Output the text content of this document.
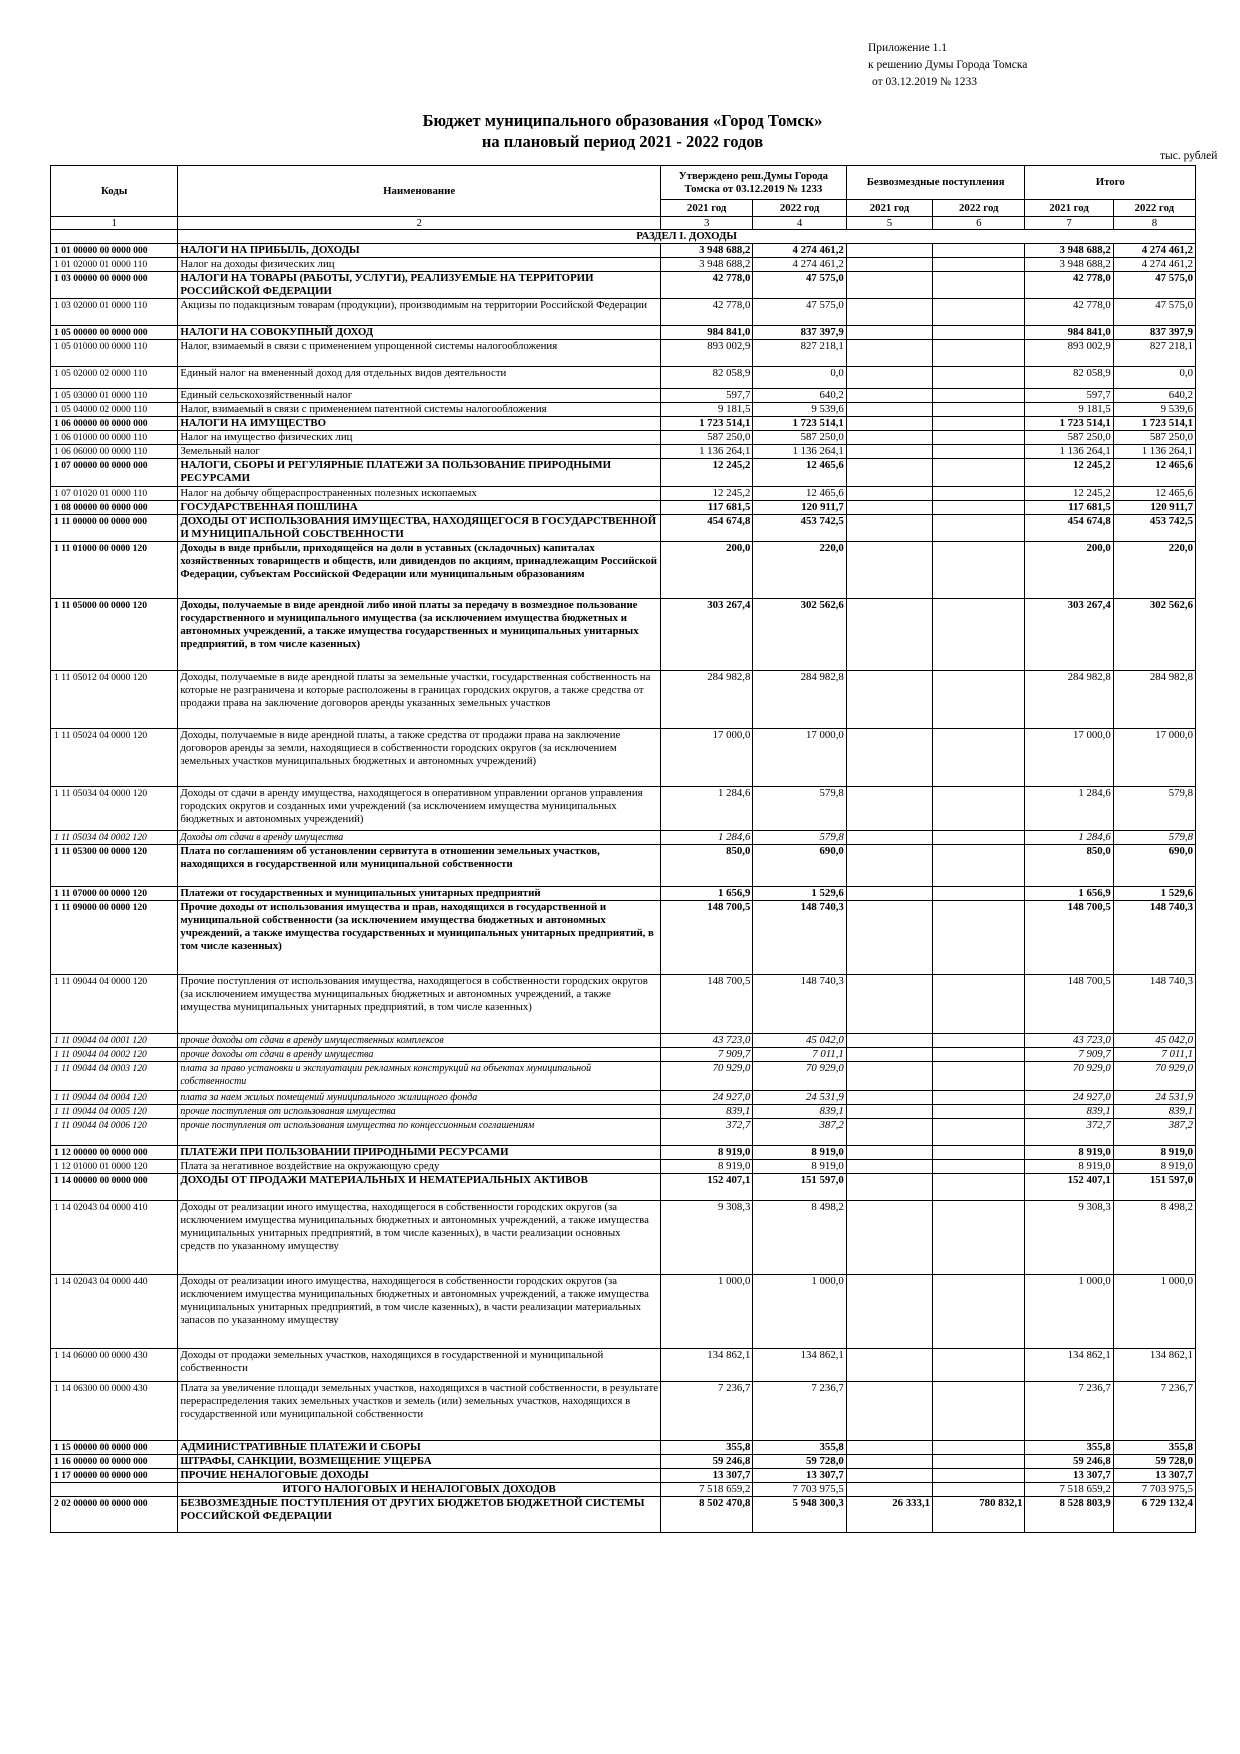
Приложение 1.1
к решению Думы Города Томска
от 03.12.2019 № 1233
Бюджет муниципального образования «Город Томск»
на плановый период 2021 - 2022 годов
тыс. рублей
Коды	Наименование	Утверждено реш.Думы Города Томска от 03.12.2019 № 1233		Безвозмездные поступления		Итого	
		2021 год	2022 год	2021 год	2022 год	2021 год	2022 год
1	2	3	4	5	6	7	8
	РАЗДЕЛ I. ДОХОДЫ						
1 01 00000 00 0000 000	НАЛОГИ НА ПРИБЫЛЬ, ДОХОДЫ	3 948 688,2	4 274 461,2			3 948 688,2	4 274 461,2
1 01 02000 01 0000 110	Налог на доходы физических лиц	3 948 688,2	4 274 461,2			3 948 688,2	4 274 461,2
1 03 00000 00 0000 000	НАЛОГИ НА ТОВАРЫ (РАБОТЫ, УСЛУГИ), РЕАЛИЗУЕМЫЕ НА ТЕРРИТОРИИ РОССИЙСКОЙ ФЕДЕРАЦИИ	42 778,0	47 575,0			42 778,0	47 575,0
1 03 02000 01 0000 110	Акцизы по подакцизным товарам (продукции), производимым на территории Российской Федерации	42 778,0	47 575,0			42 778,0	47 575,0
1 05 00000 00 0000 000	НАЛОГИ НА СОВОКУПНЫЙ ДОХОД	984 841,0	837 397,9			984 841,0	837 397,9
1 05 01000 00 0000 110	Налог, взимаемый в связи с применением упрощенной системы налогообложения	893 002,9	827 218,1			893 002,9	827 218,1
1 05 02000 02 0000 110	Единый налог на вмененный доход для отдельных видов деятельности	82 058,9	0,0			82 058,9	0,0
1 05 03000 01 0000 110	Единый сельскохозяйственный налог	597,7	640,2			597,7	640,2
1 05 04000 02 0000 110	Налог, взимаемый в связи с применением патентной системы налогообложения	9 181,5	9 539,6			9 181,5	9 539,6
1 06 00000 00 0000 000	НАЛОГИ НА ИМУЩЕСТВО	1 723 514,1	1 723 514,1			1 723 514,1	1 723 514,1
1 06 01000 00 0000 110	Налог на имущество физических лиц	587 250,0	587 250,0			587 250,0	587 250,0
1 06 06000 00 0000 110	Земельный налог	1 136 264,1	1 136 264,1			1 136 264,1	1 136 264,1
1 07 00000 00 0000 000	НАЛОГИ, СБОРЫ И РЕГУЛЯРНЫЕ ПЛАТЕЖИ ЗА ПОЛЬЗОВАНИЕ ПРИРОДНЫМИ РЕСУРСАМИ	12 245,2	12 465,6			12 245,2	12 465,6
1 07 01020 01 0000 110	Налог на добычу общераспространенных полезных ископаемых	12 245,2	12 465,6			12 245,2	12 465,6
1 08 00000 00 0000 000	ГОСУДАРСТВЕННАЯ ПОШЛИНА	117 681,5	120 911,7			117 681,5	120 911,7
1 11 00000 00 0000 000	ДОХОДЫ ОТ ИСПОЛЬЗОВАНИЯ ИМУЩЕСТВА, НАХОДЯЩЕГОСЯ В ГОСУДАРСТВЕННОЙ И МУНИЦИПАЛЬНОЙ СОБСТВЕННОСТИ	454 674,8	453 742,5			454 674,8	453 742,5
1 11 01000 00 0000 120	Доходы в виде прибыли, приходящейся на доли в уставных (складочных) капиталах хозяйственных товариществ и обществ, или дивидендов по акциям, принадлежащим Российской Федерации, субъектам Российской Федерации или муниципальным образованиям	200,0	220,0			200,0	220,0
1 11 05000 00 0000 120	Доходы, получаемые в виде арендной либо иной платы за передачу в возмездное пользование государственного и муниципального имущества (за исключением имущества бюджетных и автономных учреждений, а также имущества государственных и муниципальных унитарных предприятий, в том числе казенных)	303 267,4	302 562,6			303 267,4	302 562,6
1 11 05012 04 0000 120	Доходы, получаемые в виде арендной платы за земельные участки, государственная собственность на которые не разграничена и которые расположены в границах городских округов, а также средства от продажи права на заключение договоров аренды указанных земельных участков	284 982,8	284 982,8			284 982,8	284 982,8
1 11 05024 04 0000 120	Доходы, получаемые в виде арендной платы, а также средства от продажи права на заключение договоров аренды за земли, находящиеся в собственности городских округов (за исключением земельных участков муниципальных бюджетных и автономных учреждений)	17 000,0	17 000,0			17 000,0	17 000,0
1 11 05034 04 0000 120	Доходы от сдачи в аренду имущества, находящегося в оперативном управлении органов управления городских округов и созданных ими учреждений (за исключением имущества муниципальных бюджетных и автономных учреждений)	1 284,6	579,8			1 284,6	579,8
1 11 05034 04 0002 120	Доходы от сдачи в аренду имущества	1 284,6	579,8			1 284,6	579,8
1 11 05300 00 0000 120	Плата по соглашениям об установлении сервитута в отношении земельных участков, находящихся в государственной или муниципальной собственности	850,0	690,0			850,0	690,0
1 11 07000 00 0000 120	Платежи от государственных и муниципальных унитарных предприятий	1 656,9	1 529,6			1 656,9	1 529,6
1 11 09000 00 0000 120	Прочие доходы от использования имущества и прав, находящихся в государственной и муниципальной собственности (за исключением имущества бюджетных и автономных учреждений, а также имущества государственных и муниципальных унитарных предприятий, в том числе казенных)	148 700,5	148 740,3			148 700,5	148 740,3
1 11 09044 04 0000 120	Прочие поступления от использования имущества, находящегося в собственности городских округов (за исключением имущества муниципальных бюджетных и автономных учреждений, а также имущества муниципальных унитарных предприятий, в том числе казенных)	148 700,5	148 740,3			148 700,5	148 740,3
1 11 09044 04 0001 120	прочие доходы от сдачи в аренду имущественных комплексов	43 723,0	45 042,0			43 723,0	45 042,0
1 11 09044 04 0002 120	прочие доходы от сдачи в аренду имущества	7 909,7	7 011,1			7 909,7	7 011,1
1 11 09044 04 0003 120	плата за право установки и эксплуатации рекламных конструкций на объектах муниципальной собственности	70 929,0	70 929,0			70 929,0	70 929,0
1 11 09044 04 0004 120	плата за наем жилых помещений муниципального жилищного фонда	24 927,0	24 531,9			24 927,0	24 531,9
1 11 09044 04 0005 120	прочие поступления от использования имущества	839,1	839,1			839,1	839,1
1 11 09044 04 0006 120	прочие поступления от использования имущества по концессионным соглашениям	372,7	387,2			372,7	387,2
1 12 00000 00 0000 000	ПЛАТЕЖИ ПРИ ПОЛЬЗОВАНИИ ПРИРОДНЫМИ РЕСУРСАМИ	8 919,0	8 919,0			8 919,0	8 919,0
1 12 01000 01 0000 120	Плата за негативное воздействие на окружающую среду	8 919,0	8 919,0			8 919,0	8 919,0
1 14 00000 00 0000 000	ДОХОДЫ ОТ ПРОДАЖИ МАТЕРИАЛЬНЫХ И НЕМАТЕРИАЛЬНЫХ АКТИВОВ	152 407,1	151 597,0			152 407,1	151 597,0
1 14 02043 04 0000 410	Доходы от реализации иного имущества, находящегося в собственности городских округов (за исключением имущества муниципальных бюджетных и автономных учреждений, а также имущества муниципальных унитарных предприятий, в том числе казенных), в части реализации основных средств по указанному имуществу	9 308,3	8 498,2			9 308,3	8 498,2
1 14 02043 04 0000 440	Доходы от реализации иного имущества, находящегося в собственности городских округов (за исключением имущества муниципальных бюджетных и автономных учреждений, а также имущества муниципальных унитарных предприятий, в том числе казенных), в части реализации материальных запасов по указанному имуществу	1 000,0	1 000,0			1 000,0	1 000,0
1 14 06000 00 0000 430	Доходы от продажи земельных участков, находящихся в государственной и муниципальной собственности	134 862,1	134 862,1			134 862,1	134 862,1
1 14 06300 00 0000 430	Плата за увеличение площади земельных участков, находящихся в частной собственности, в результате перераспределения таких земельных участков и земель (или) земельных участков, находящихся в государственной или муниципальной собственности	7 236,7	7 236,7			7 236,7	7 236,7
1 15 00000 00 0000 000	АДМИНИСТРАТИВНЫЕ ПЛАТЕЖИ И СБОРЫ	355,8	355,8			355,8	355,8
1 16 00000 00 0000 000	ШТРАФЫ, САНКЦИИ, ВОЗМЕЩЕНИЕ УЩЕРБА	59 246,8	59 728,0			59 246,8	59 728,0
1 17 00000 00 0000 000	ПРОЧИЕ НЕНАЛОГОВЫЕ ДОХОДЫ	13 307,7	13 307,7			13 307,7	13 307,7
	ИТОГО НАЛОГОВЫХ И НЕНАЛОГОВЫХ ДОХОДОВ	7 518 659,2	7 703 975,5			7 518 659,2	7 703 975,5
2 02 00000 00 0000 000	БЕЗВОЗМЕЗДНЫЕ ПОСТУПЛЕНИЯ ОТ ДРУГИХ БЮДЖЕТОВ БЮДЖЕТНОЙ СИСТЕМЫ РОССИЙСКОЙ ФЕДЕРАЦИИ	8 502 470,8	5 948 300,3	26 333,1	780 832,1	8 528 803,9	6 729 132,4
